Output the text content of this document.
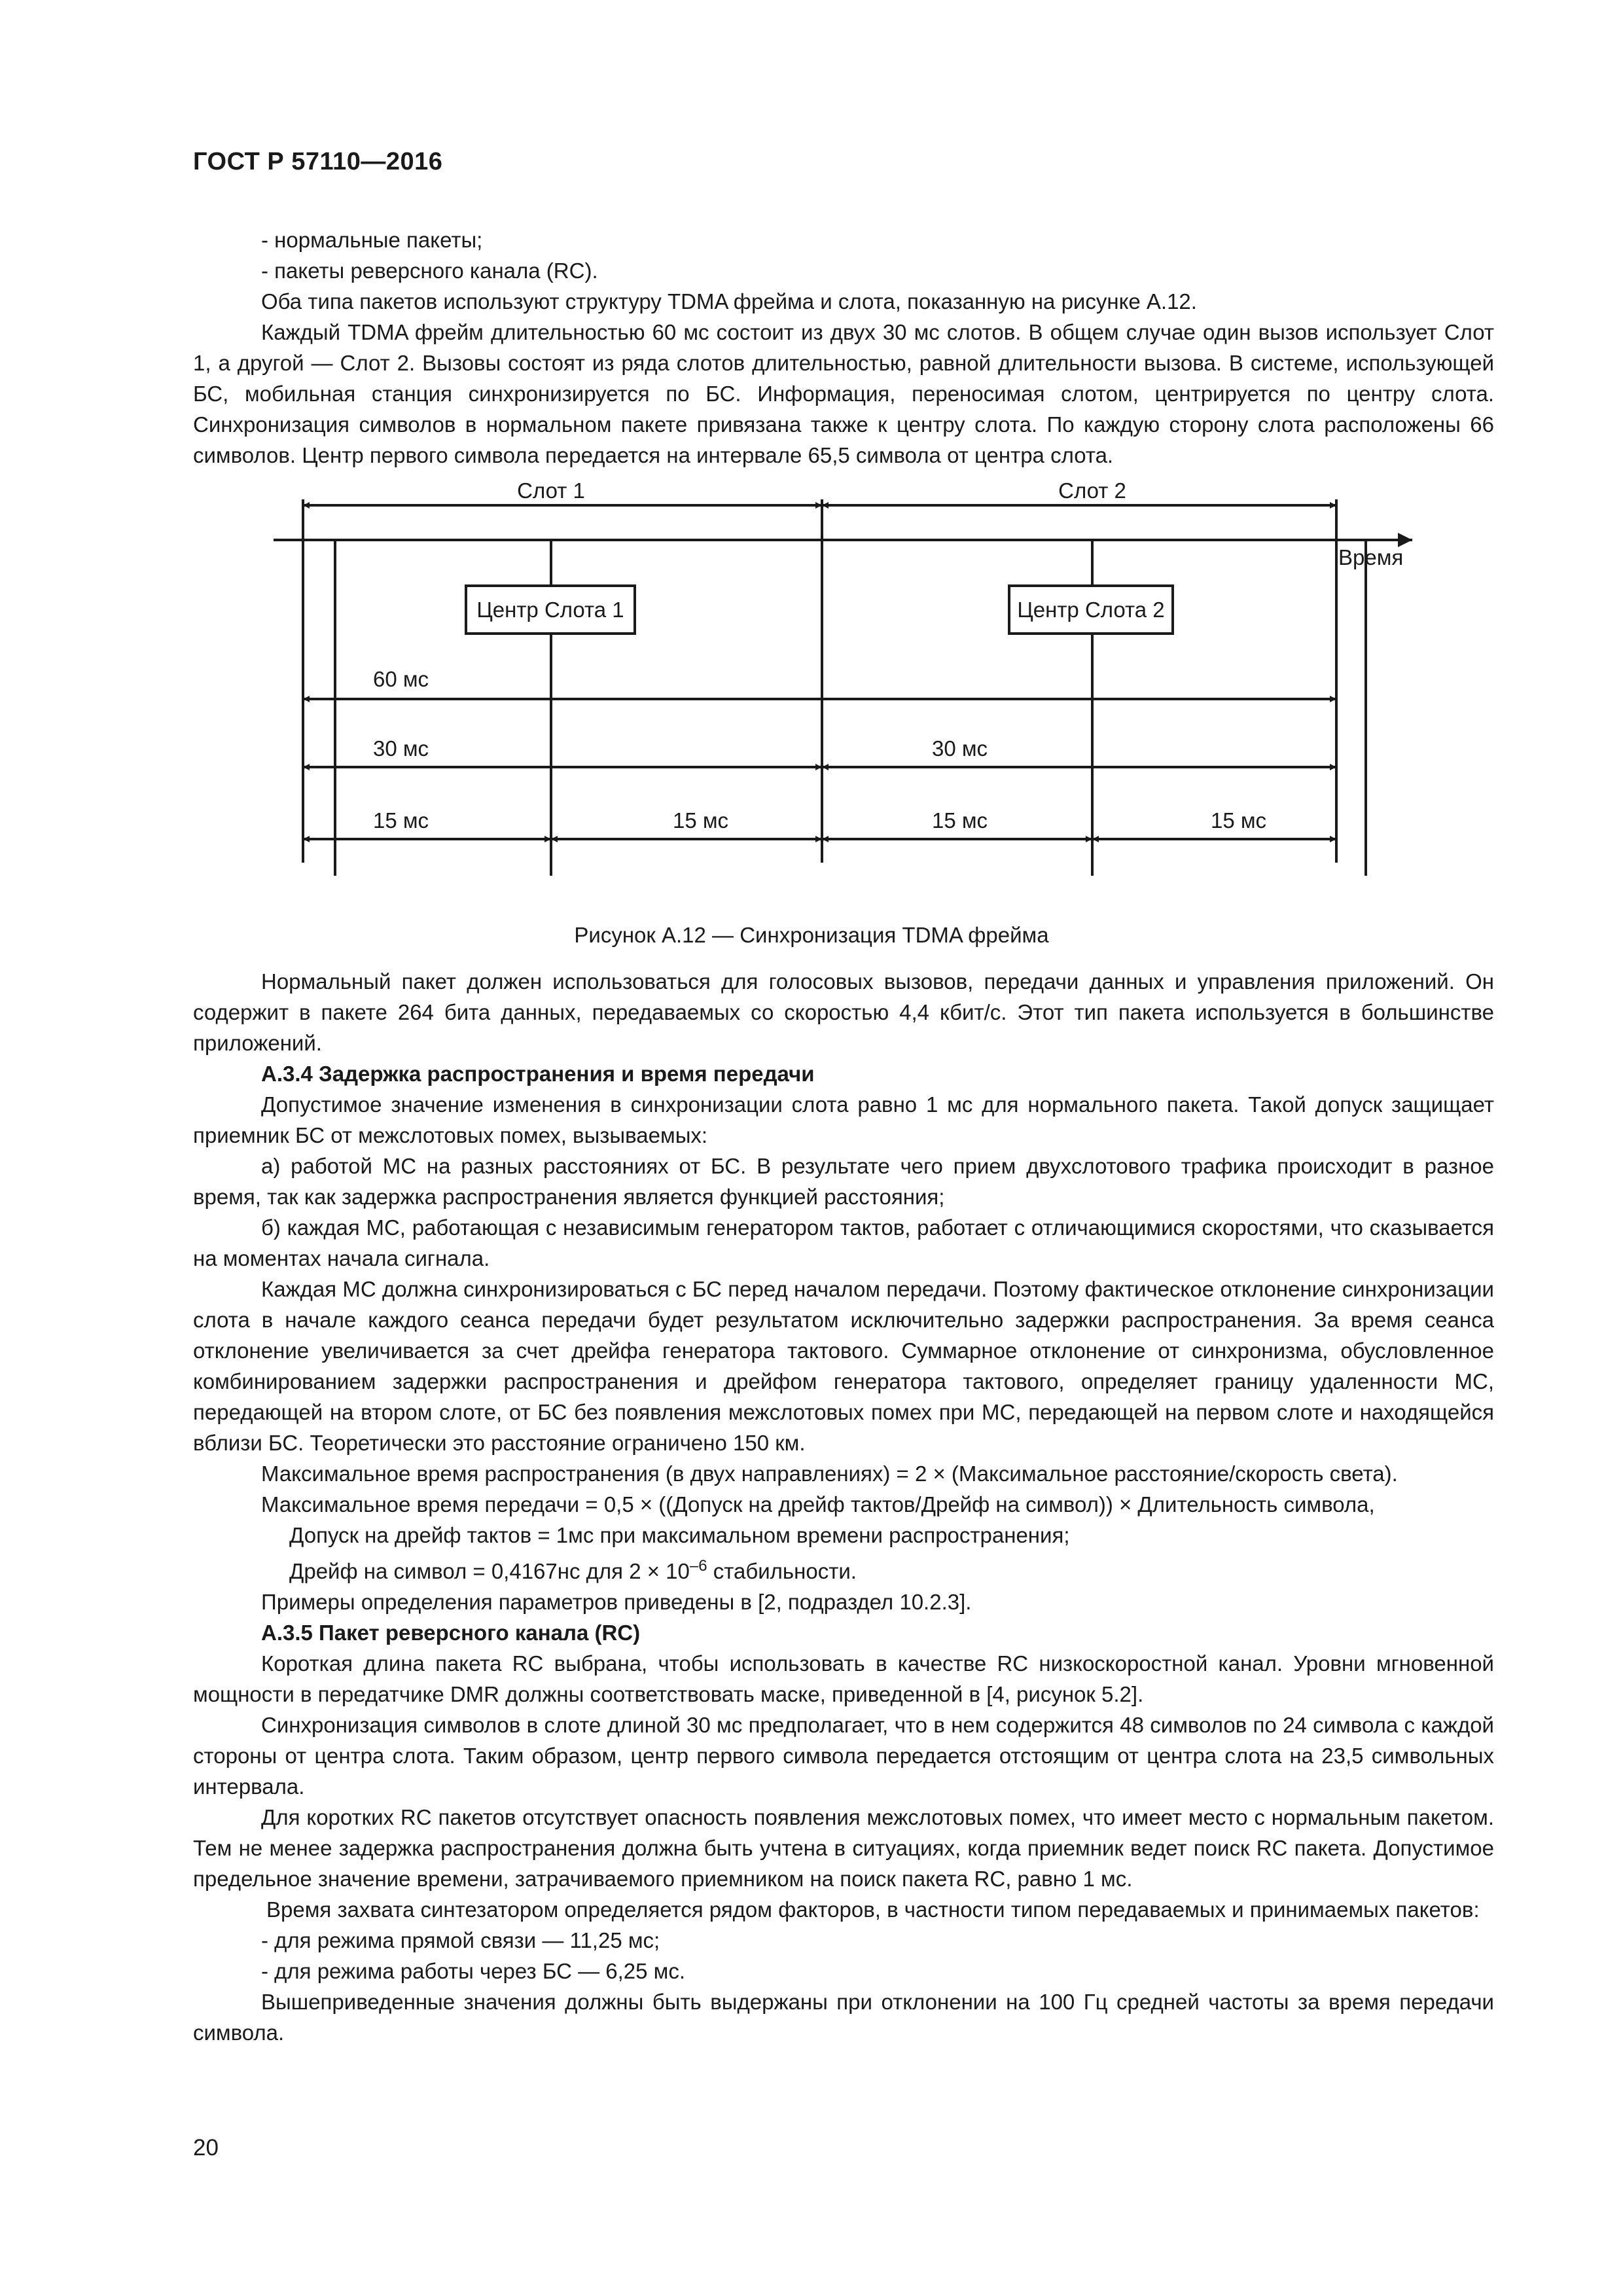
ГОСТ Р 57110—2016

- нормальные пакеты;

- пакеты реверсного канала (RC).

Оба типа пакетов используют структуру TDMA фрейма и слота, показанную на рисунке А.12.

Каждый TDMA фрейм длительностью 60 мс состоит из двух 30 мс слотов. В общем случае один вызов использует Слот 1, а другой — Слот 2. Вызовы состоят из ряда слотов длительностью, равной длительности вызова. В системе, использующей БС, мобильная станция синхронизируется по БС. Информация, переносимая слотом, центрируется по центру слота. Синхронизация символов в нормальном пакете привязана также к центру слота. По каждую сторону слота расположены 66 символов. Центр первого символа передается на интервале 65,5 символа от центра слота.

Слот 1	Слот 2
Время
Центр Слота 1	Центр Слота 2
60 мс
30 мс	30 мс
15 мс	15 мс	15 мс	15 мс
Рисунок А.12 — Синхронизация TDMA фрейма

Нормальный пакет должен использоваться для голосовых вызовов, передачи данных и управления приложений. Он содержит в пакете 264 бита данных, передаваемых со скоростью 4,4 кбит/с. Этот тип пакета используется в большинстве приложений.

А.3.4 Задержка распространения и время передачи

Допустимое значение изменения в синхронизации слота равно 1 мс для нормального пакета. Такой допуск защищает приемник БС от межслотовых помех, вызываемых:

а) работой МС на разных расстояниях от БС. В результате чего прием двухслотового трафика происходит в разное время, так как задержка распространения является функцией расстояния;

б) каждая МС, работающая с независимым генератором тактов, работает с отличающимися скоростями, что сказывается на моментах начала сигнала.

Каждая МС должна синхронизироваться с БС перед началом передачи. Поэтому фактическое отклонение синхронизации слота в начале каждого сеанса передачи будет результатом исключительно задержки распространения. За время сеанса отклонение увеличивается за счет дрейфа генератора тактового. Суммарное отклонение от синхронизма, обусловленное комбинированием задержки распространения и дрейфом генератора тактового, определяет границу удаленности МС, передающей на втором слоте, от БС без появления межслотовых помех при МС, передающей на первом слоте и находящейся вблизи БС. Теоретически это расстояние ограничено 150 км.

Максимальное время распространения (в двух направлениях) = 2 × (Максимальное расстояние/скорость света).

Максимальное время передачи = 0,5 × ((Допуск на дрейф тактов/Дрейф на символ)) × Длительность символа,

Допуск на дрейф тактов = 1мс при максимальном времени распространения;

Дрейф на символ = 0,4167нс для $2 \times 10^{-6}$ стабильности.

Примеры определения параметров приведены в [2, подраздел 10.2.3].

А.3.5 Пакет реверсного канала (RC)

Короткая длина пакета RC выбрана, чтобы использовать в качестве RC низкоскоростной канал. Уровни мгновенной мощности в передатчике DMR должны соответствовать маске, приведенной в [4, рисунок 5.2].

Синхронизация символов в слоте длиной 30 мс предполагает, что в нем содержится 48 символов по 24 символа с каждой стороны от центра слота. Таким образом, центр первого символа передается отстоящим от центра слота на 23,5 символьных интервала.

Для коротких RC пакетов отсутствует опасность появления межслотовых помех, что имеет место с нормальным пакетом. Тем не менее задержка распространения должна быть учтена в ситуациях, когда приемник ведет поиск RC пакета. Допустимое предельное значение времени, затрачиваемого приемником на поиск пакета RC, равно 1 мс.

Время захвата синтезатором определяется рядом факторов, в частности типом передаваемых и принимаемых пакетов:

- для режима прямой связи — 11,25 мс;

- для режима работы через БС — 6,25 мс.

Вышеприведенные значения должны быть выдержаны при отклонении на 100 Гц средней частоты за время передачи символа.

20
